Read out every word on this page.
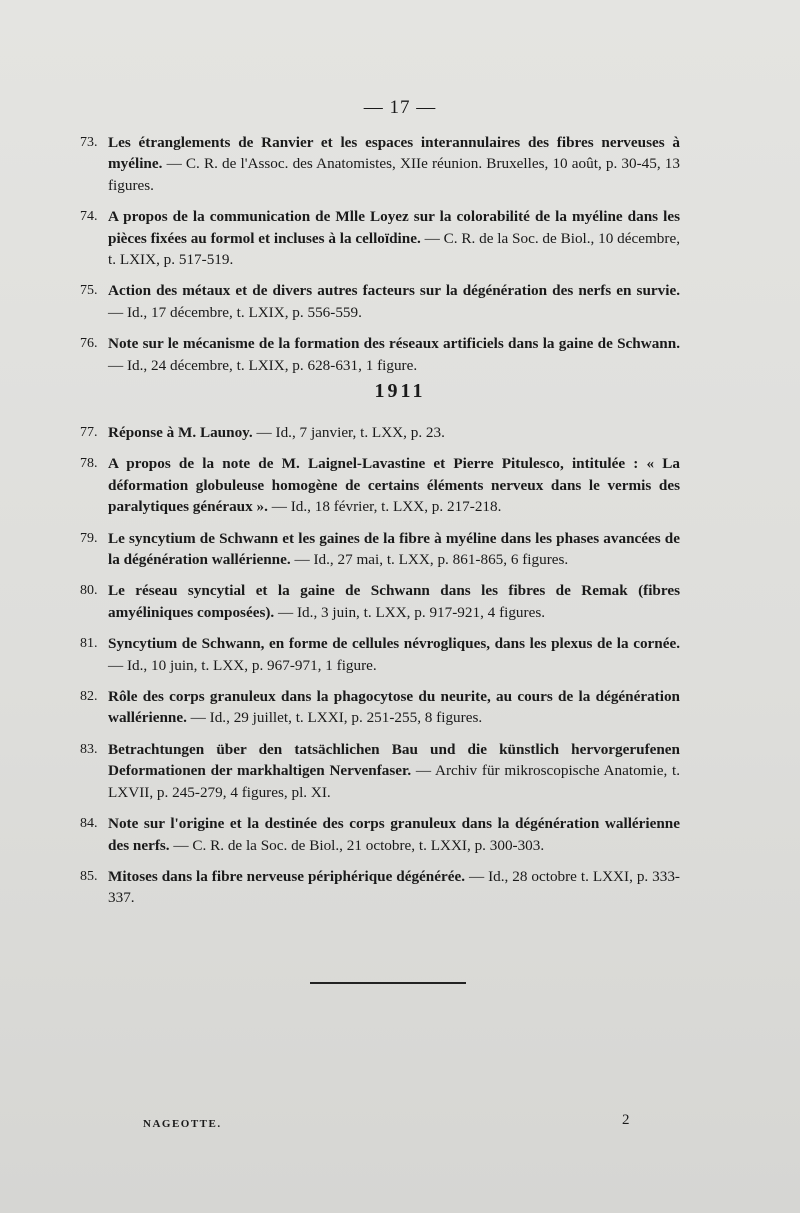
— 17 —
73. Les étranglements de Ranvier et les espaces interannulaires des fibres nerveuses à myéline. — C. R. de l'Assoc. des Anatomistes, XIIe réunion. Bruxelles, 10 août, p. 30-45, 13 figures.
74. A propos de la communication de Mlle Loyez sur la colorabilité de la myéline dans les pièces fixées au formol et incluses à la celloïdine. — C. R. de la Soc. de Biol., 10 décembre, t. LXIX, p. 517-519.
75. Action des métaux et de divers autres facteurs sur la dégénération des nerfs en survie. — Id., 17 décembre, t. LXIX, p. 556-559.
76. Note sur le mécanisme de la formation des réseaux artificiels dans la gaine de Schwann. — Id., 24 décembre, t. LXIX, p. 628-631, 1 figure.
1911
77. Réponse à M. Launoy. — Id., 7 janvier, t. LXX, p. 23.
78. A propos de la note de M. Laignel-Lavastine et Pierre Pitulesco, intitulée : « La déformation globuleuse homogène de certains éléments nerveux dans le vermis des paralytiques généraux ». — Id., 18 février, t. LXX, p. 217-218.
79. Le syncytium de Schwann et les gaines de la fibre à myéline dans les phases avancées de la dégénération wallérienne. — Id., 27 mai, t. LXX, p. 861-865, 6 figures.
80. Le réseau syncytial et la gaine de Schwann dans les fibres de Remak (fibres amyéliniques composées). — Id., 3 juin, t. LXX, p. 917-921, 4 figures.
81. Syncytium de Schwann, en forme de cellules névrogliques, dans les plexus de la cornée. — Id., 10 juin, t. LXX, p. 967-971, 1 figure.
82. Rôle des corps granuleux dans la phagocytose du neurite, au cours de la dégénération wallérienne. — Id., 29 juillet, t. LXXI, p. 251-255, 8 figures.
83. Betrachtungen über den tatsächlichen Bau und die künstlich hervorgerufenen Deformationen der markhaltigen Nervenfaser. — Archiv für mikroscopische Anatomie, t. LXVII, p. 245-279, 4 figures, pl. XI.
84. Note sur l'origine et la destinée des corps granuleux dans la dégénération wallérienne des nerfs. — C. R. de la Soc. de Biol., 21 octobre, t. LXXI, p. 300-303.
85. Mitoses dans la fibre nerveuse périphérique dégénérée. — Id., 28 octobre t. LXXI, p. 333-337.
NAGEOTTE.	2
